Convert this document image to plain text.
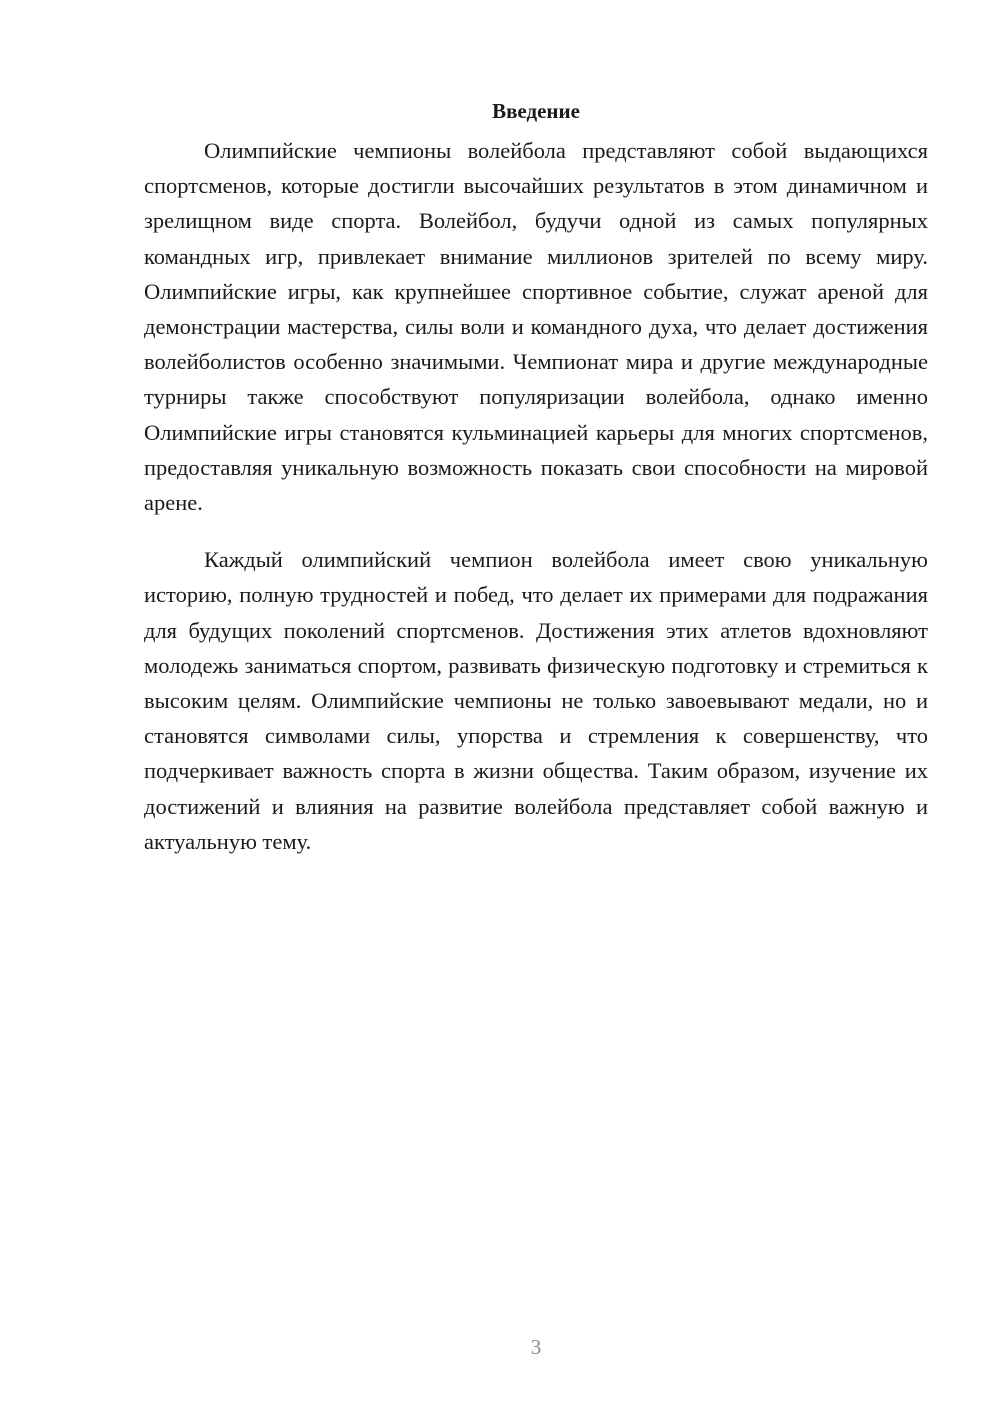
Введение

Олимпийские чемпионы волейбола представляют собой выдающихся спортсменов, которые достигли высочайших результатов в этом динамичном и зрелищном виде спорта. Волейбол, будучи одной из самых популярных командных игр, привлекает внимание миллионов зрителей по всему миру. Олимпийские игры, как крупнейшее спортивное событие, служат ареной для демонстрации мастерства, силы воли и командного духа, что делает достижения волейболистов особенно значимыми. Чемпионат мира и другие международные турниры также способствуют популяризации волейбола, однако именно Олимпийские игры становятся кульминацией карьеры для многих спортсменов, предоставляя уникальную возможность показать свои способности на мировой арене.

Каждый олимпийский чемпион волейбола имеет свою уникальную историю, полную трудностей и побед, что делает их примерами для подражания для будущих поколений спортсменов. Достижения этих атлетов вдохновляют молодежь заниматься спортом, развивать физическую подготовку и стремиться к высоким целям. Олимпийские чемпионы не только завоевывают медали, но и становятся символами силы, упорства и стремления к совершенству, что подчеркивает важность спорта в жизни общества. Таким образом, изучение их достижений и влияния на развитие волейбола представляет собой важную и актуальную тему.

3
